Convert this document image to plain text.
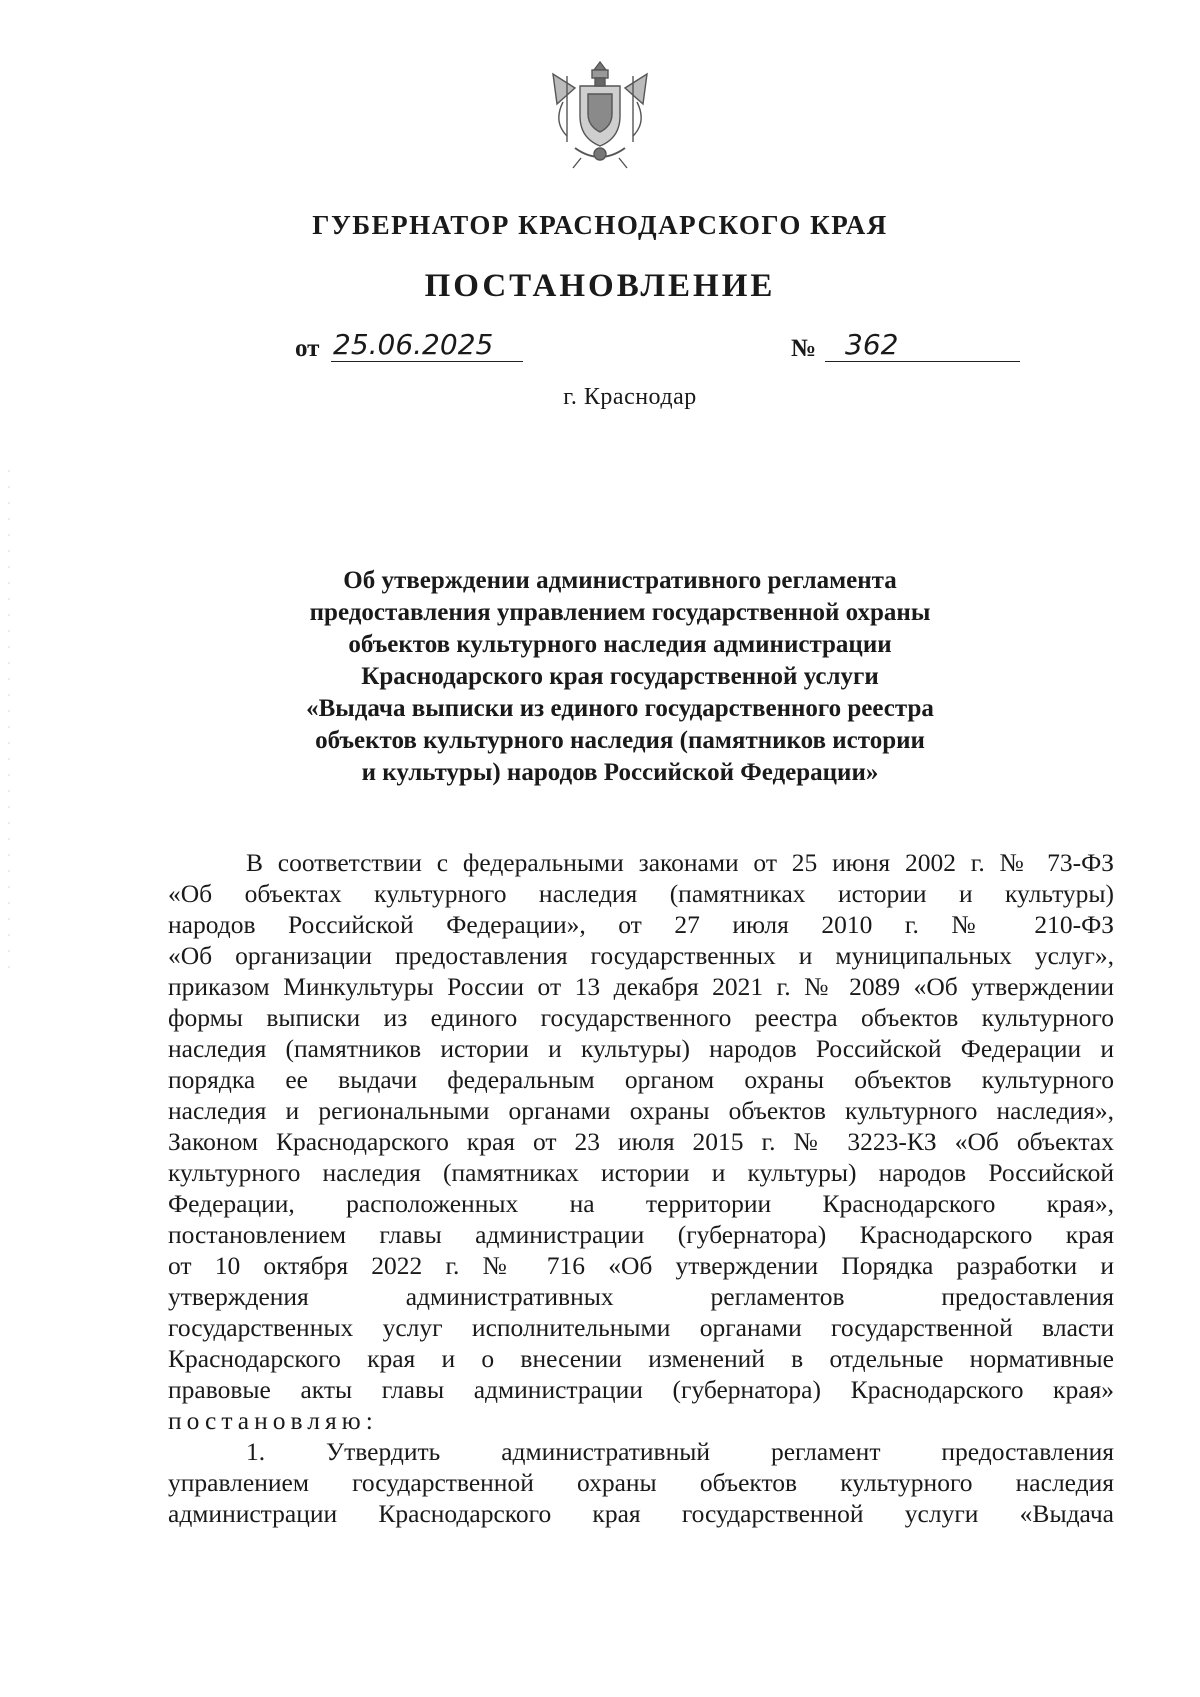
ГУБЕРНАТОР КРАСНОДАРСКОГО КРАЯ
ПОСТАНОВЛЕНИЕ
от 25.06.2025	№	362
г. Краснодар
Об утверждении административного регламента
предоставления управлением государственной охраны
объектов культурного наследия администрации
Краснодарского края государственной услуги
«Выдача выписки из единого государственного реестра
объектов культурного наследия (памятников истории
и культуры) народов Российской Федерации»
В соответствии с федеральными законами от 25 июня 2002 г. № 73-ФЗ
«Об объектах культурного наследия (памятниках истории и культуры)
народов Российской Федерации», от 27 июля 2010 г. № 210-ФЗ
«Об организации предоставления государственных и муниципальных услуг»,
приказом Минкультуры России от 13 декабря 2021 г. № 2089 «Об утверждении
формы выписки из единого государственного реестра объектов культурного
наследия (памятников истории и культуры) народов Российской Федерации и
порядка ее выдачи федеральным органом охраны объектов культурного
наследия и региональными органами охраны объектов культурного наследия»,
Законом Краснодарского края от 23 июля 2015 г. № 3223-КЗ «Об объектах
культурного наследия (памятниках истории и культуры) народов Российской
Федерации, расположенных на территории Краснодарского края»,
постановлением главы администрации (губернатора) Краснодарского края
от 10 октября 2022 г. № 716 «Об утверждении Порядка разработки и
утверждения административных регламентов предоставления
государственных услуг исполнительными органами государственной власти
Краснодарского края и о внесении изменений в отдельные нормативные
правовые акты главы администрации (губернатора) Краснодарского края»
постановляю:
1. Утвердить административный регламент предоставления
управлением государственной охраны объектов культурного наследия
администрации Краснодарского края государственной услуги «Выдача
